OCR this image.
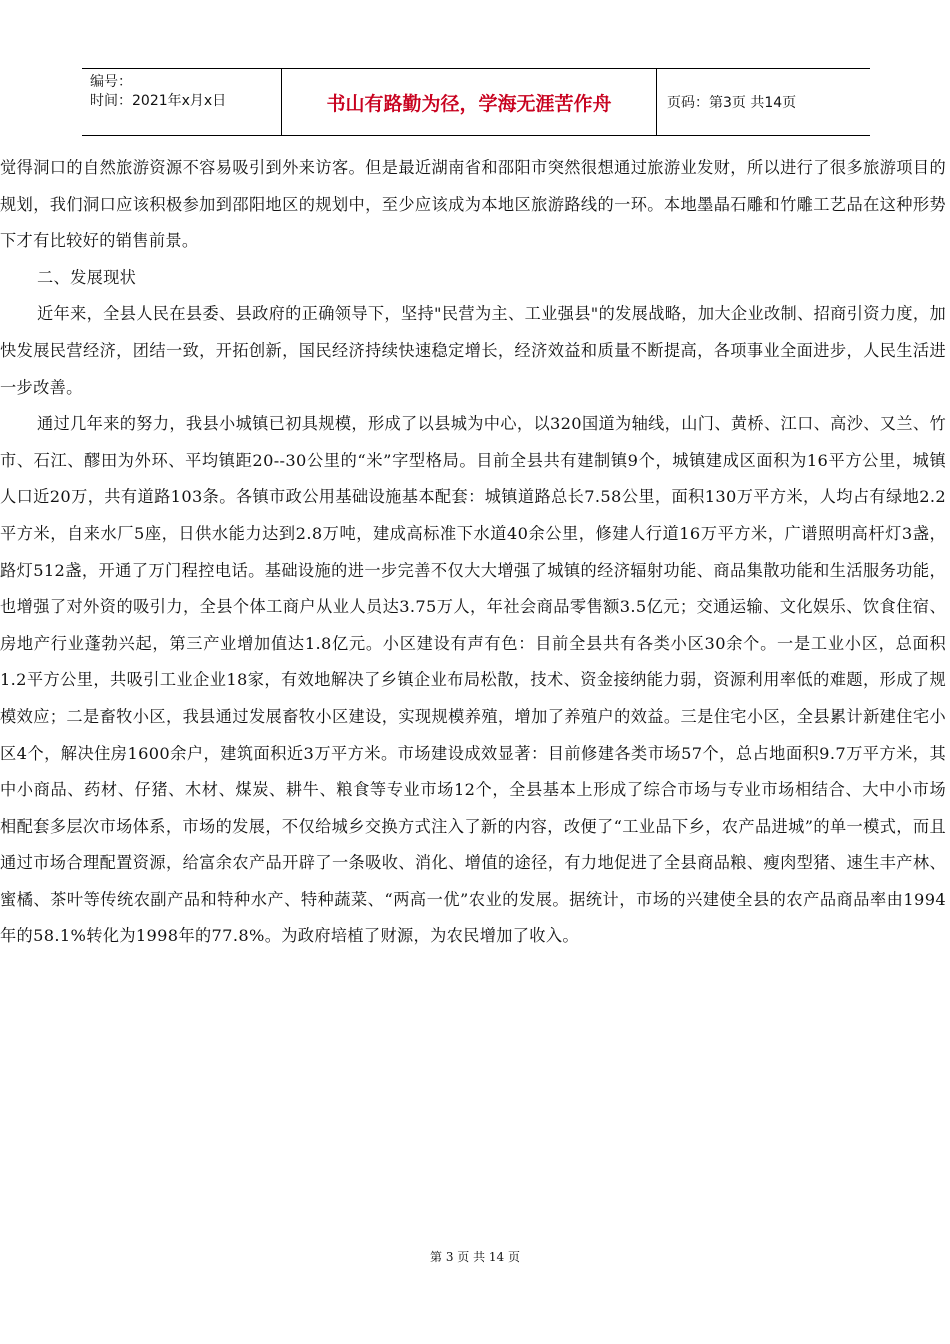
编号：
时间：2021年x月x日	书山有路勤为径，学海无涯苦作舟	页码：第3页 共14页

觉得洞口的自然旅游资源不容易吸引到外来访客。但是最近湖南省和邵阳市突然很想通过旅游业发财，所以进行了很多旅游项目的规划，我们洞口应该积极参加到邵阳地区的规划中，至少应该成为本地区旅游路线的一环。本地墨晶石雕和竹雕工艺品在这种形势下才有比较好的销售前景。

二、发展现状

近年来，全县人民在县委、县政府的正确领导下，坚持"民营为主、工业强县"的发展战略，加大企业改制、招商引资力度，加快发展民营经济，团结一致，开拓创新，国民经济持续快速稳定增长，经济效益和质量不断提高，各项事业全面进步，人民生活进一步改善。

通过几年来的努力，我县小城镇已初具规模，形成了以县城为中心，以320国道为轴线，山门、黄桥、江口、高沙、又兰、竹市、石江、醪田为外环、平均镇距20--30公里的“米”字型格局。目前全县共有建制镇9个，城镇建成区面积为16平方公里，城镇人口近20万，共有道路103条。各镇市政公用基础设施基本配套：城镇道路总长7.58公里，面积130万平方米，人均占有绿地2.2平方米，自来水厂5座，日供水能力达到2.8万吨，建成高标准下水道40余公里，修建人行道16万平方米，广谱照明高杆灯3盏，路灯512盏，开通了万门程控电话。基础设施的进一步完善不仅大大增强了城镇的经济辐射功能、商品集散功能和生活服务功能，也增强了对外资的吸引力，全县个体工商户从业人员达3.75万人，年社会商品零售额3.5亿元；交通运输、文化娱乐、饮食住宿、房地产行业蓬勃兴起，第三产业增加值达1.8亿元。小区建设有声有色：目前全县共有各类小区30余个。一是工业小区，总面积1.2平方公里，共吸引工业企业18家，有效地解决了乡镇企业布局松散，技术、资金接纳能力弱，资源利用率低的难题，形成了规模效应；二是畜牧小区，我县通过发展畜牧小区建设，实现规模养殖，增加了养殖户的效益。三是住宅小区，全县累计新建住宅小区4个，解决住房1600余户，建筑面积近3万平方米。市场建设成效显著：目前修建各类市场57个，总占地面积9.7万平方米，其中小商品、药材、仔猪、木材、煤炭、耕牛、粮食等专业市场12个，全县基本上形成了综合市场与专业市场相结合、大中小市场相配套多层次市场体系，市场的发展，不仅给城乡交换方式注入了新的内容，改便了“工业品下乡，农产品进城”的单一模式，而且通过市场合理配置资源，给富余农产品开辟了一条吸收、消化、增值的途径，有力地促进了全县商品粮、瘦肉型猪、速生丰产林、蜜橘、茶叶等传统农副产品和特种水产、特种蔬菜、“两高一优”农业的发展。据统计，市场的兴建使全县的农产品商品率由1994年的58.1%转化为1998年的77.8%。为政府培植了财源，为农民增加了收入。

第 3 页 共 14 页
